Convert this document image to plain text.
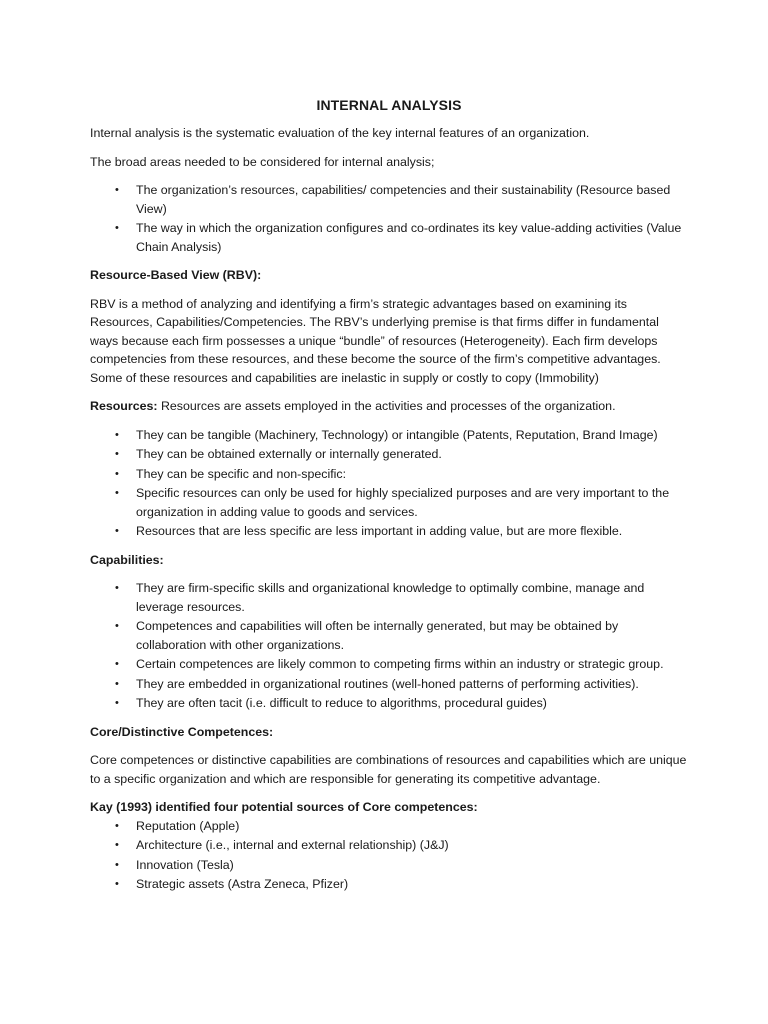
INTERNAL ANALYSIS

Internal analysis is the systematic evaluation of the key internal features of an organization.

The broad areas needed to be considered for internal analysis;

• The organization’s resources, capabilities/ competencies and their sustainability (Resource based View)
• The way in which the organization configures and co-ordinates its key value-adding activities (Value Chain Analysis)

Resource-Based View (RBV):

RBV is a method of analyzing and identifying a firm’s strategic advantages based on examining its Resources, Capabilities/Competencies. The RBV’s underlying premise is that firms differ in fundamental ways because each firm possesses a unique “bundle” of resources (Heterogeneity). Each firm develops competencies from these resources, and these become the source of the firm’s competitive advantages. Some of these resources and capabilities are inelastic in supply or costly to copy (Immobility)

Resources: Resources are assets employed in the activities and processes of the organization.

• They can be tangible (Machinery, Technology) or intangible (Patents, Reputation, Brand Image)
• They can be obtained externally or internally generated.
• They can be specific and non-specific:
• Specific resources can only be used for highly specialized purposes and are very important to the organization in adding value to goods and services.
• Resources that are less specific are less important in adding value, but are more flexible.

Capabilities:

• They are firm-specific skills and organizational knowledge to optimally combine, manage and leverage resources.
• Competences and capabilities will often be internally generated, but may be obtained by collaboration with other organizations.
• Certain competences are likely common to competing firms within an industry or strategic group.
• They are embedded in organizational routines (well-honed patterns of performing activities).
• They are often tacit (i.e. difficult to reduce to algorithms, procedural guides)

Core/Distinctive Competences:

Core competences or distinctive capabilities are combinations of resources and capabilities which are unique to a specific organization and which are responsible for generating its competitive advantage.

Kay (1993) identified four potential sources of Core competences:

• Reputation (Apple)
• Architecture (i.e., internal and external relationship) (J&J)
• Innovation (Tesla)
• Strategic assets (Astra Zeneca, Pfizer)
